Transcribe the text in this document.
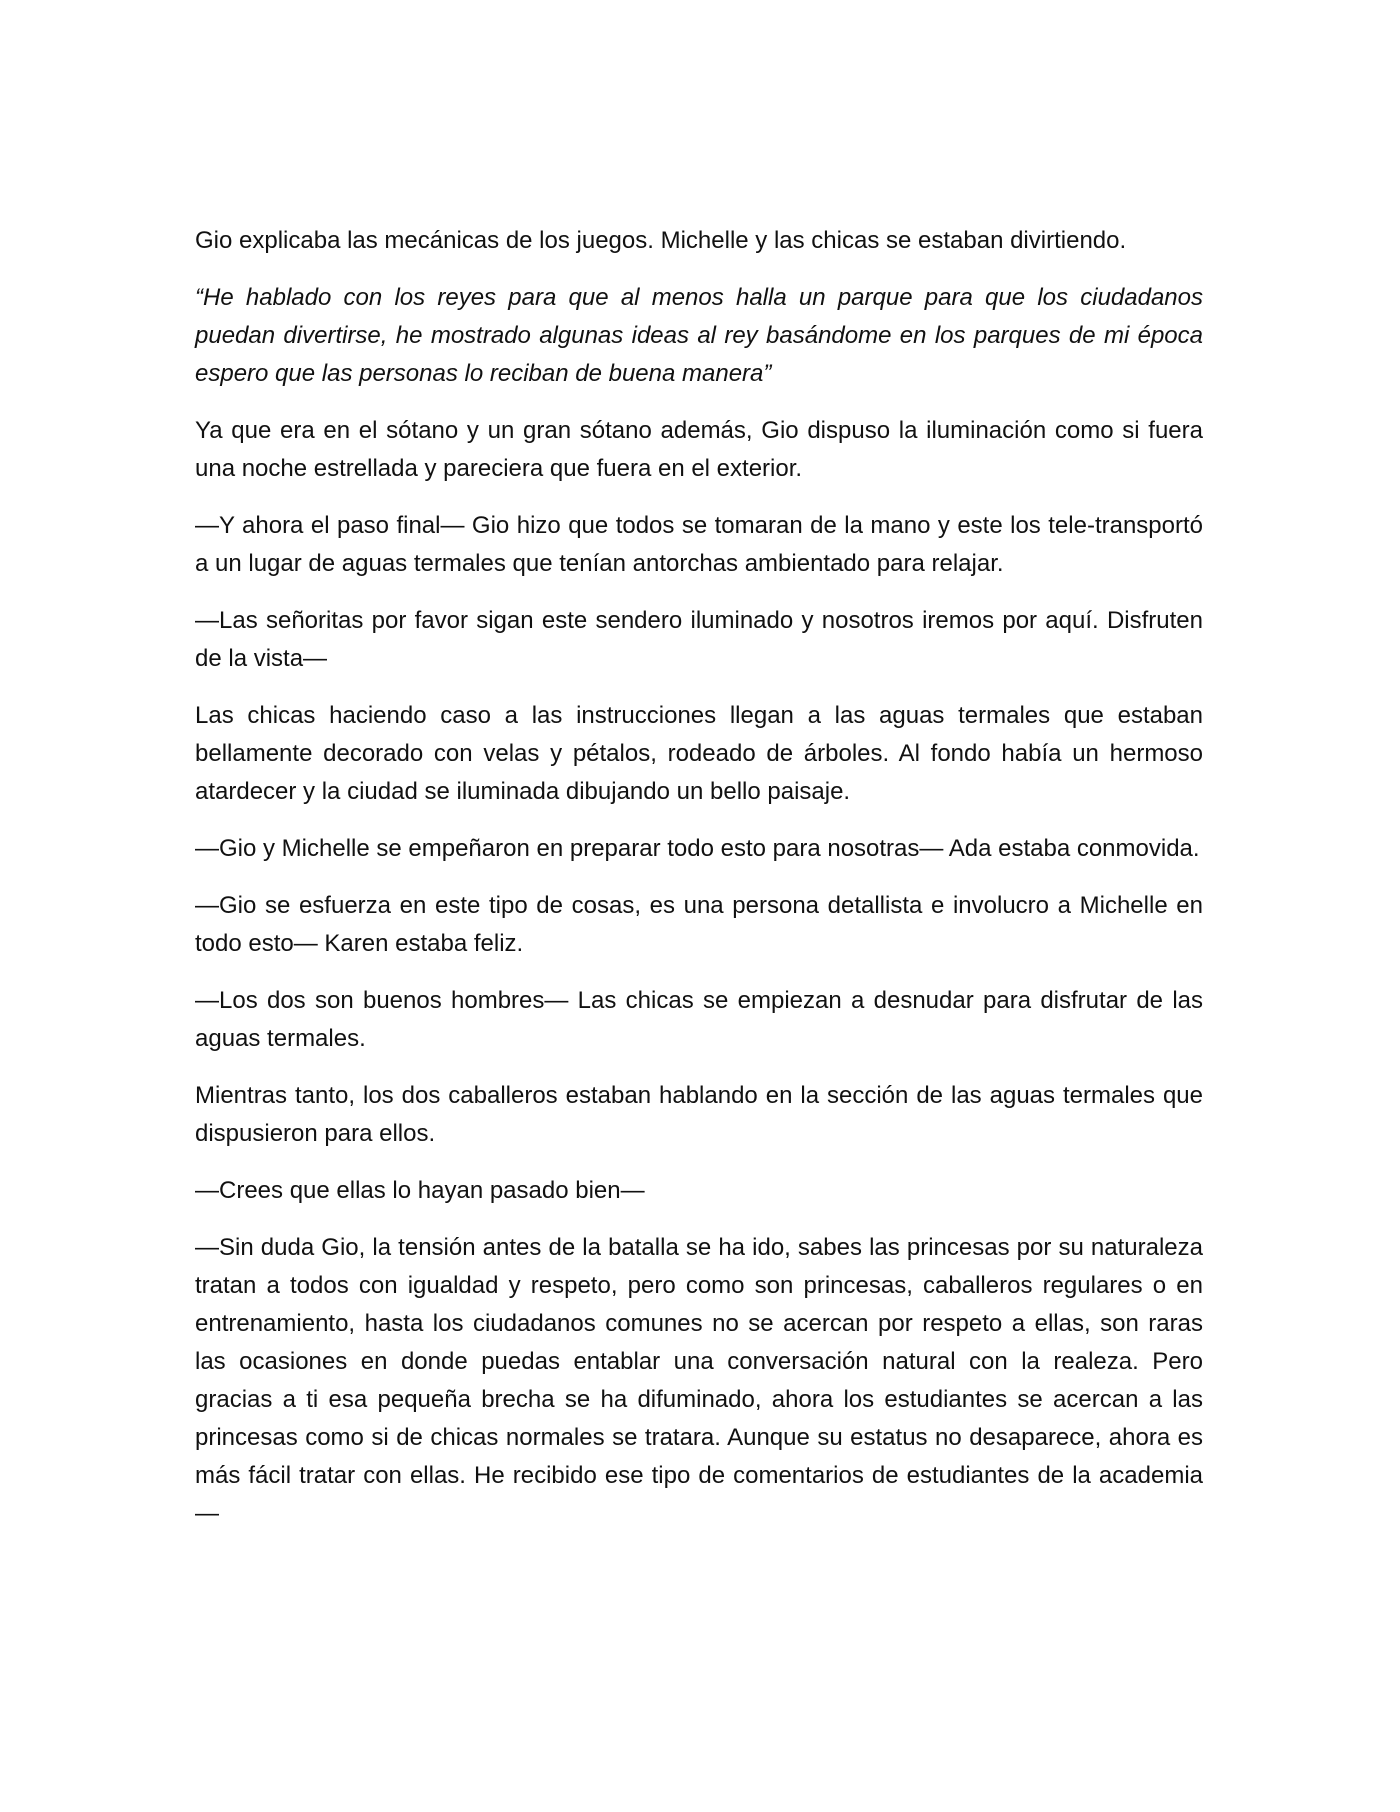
Gio explicaba las mecánicas de los juegos. Michelle y las chicas se estaban divirtiendo.

“He hablado con los reyes para que al menos halla un parque para que los ciudadanos puedan divertirse, he mostrado algunas ideas al rey basándome en los parques de mi época espero que las personas lo reciban de buena manera”

Ya que era en el sótano y un gran sótano además, Gio dispuso la iluminación como si fuera una noche estrellada y pareciera que fuera en el exterior.

—Y ahora el paso final— Gio hizo que todos se tomaran de la mano y este los tele-transportó a un lugar de aguas termales que tenían antorchas ambientado para relajar.

—Las señoritas por favor sigan este sendero iluminado y nosotros iremos por aquí. Disfruten de la vista—

Las chicas haciendo caso a las instrucciones llegan a las aguas termales que estaban bellamente decorado con velas y pétalos, rodeado de árboles. Al fondo había un hermoso atardecer y la ciudad se iluminada dibujando un bello paisaje.

—Gio y Michelle se empeñaron en preparar todo esto para nosotras— Ada estaba conmovida.

—Gio se esfuerza en este tipo de cosas, es una persona detallista e involucro a Michelle en todo esto— Karen estaba feliz.

—Los dos son buenos hombres— Las chicas se empiezan a desnudar para disfrutar de las aguas termales.

Mientras tanto, los dos caballeros estaban hablando en la sección de las aguas termales que dispusieron para ellos.

—Crees que ellas lo hayan pasado bien—

—Sin duda Gio, la tensión antes de la batalla se ha ido, sabes las princesas por su naturaleza tratan a todos con igualdad y respeto, pero como son princesas, caballeros regulares o en entrenamiento, hasta los ciudadanos comunes no se acercan por respeto a ellas, son raras las ocasiones en donde puedas entablar una conversación natural con la realeza. Pero gracias a ti esa pequeña brecha se ha difuminado, ahora los estudiantes se acercan a las princesas como si de chicas normales se tratara. Aunque su estatus no desaparece, ahora es más fácil tratar con ellas. He recibido ese tipo de comentarios de estudiantes de la academia—
